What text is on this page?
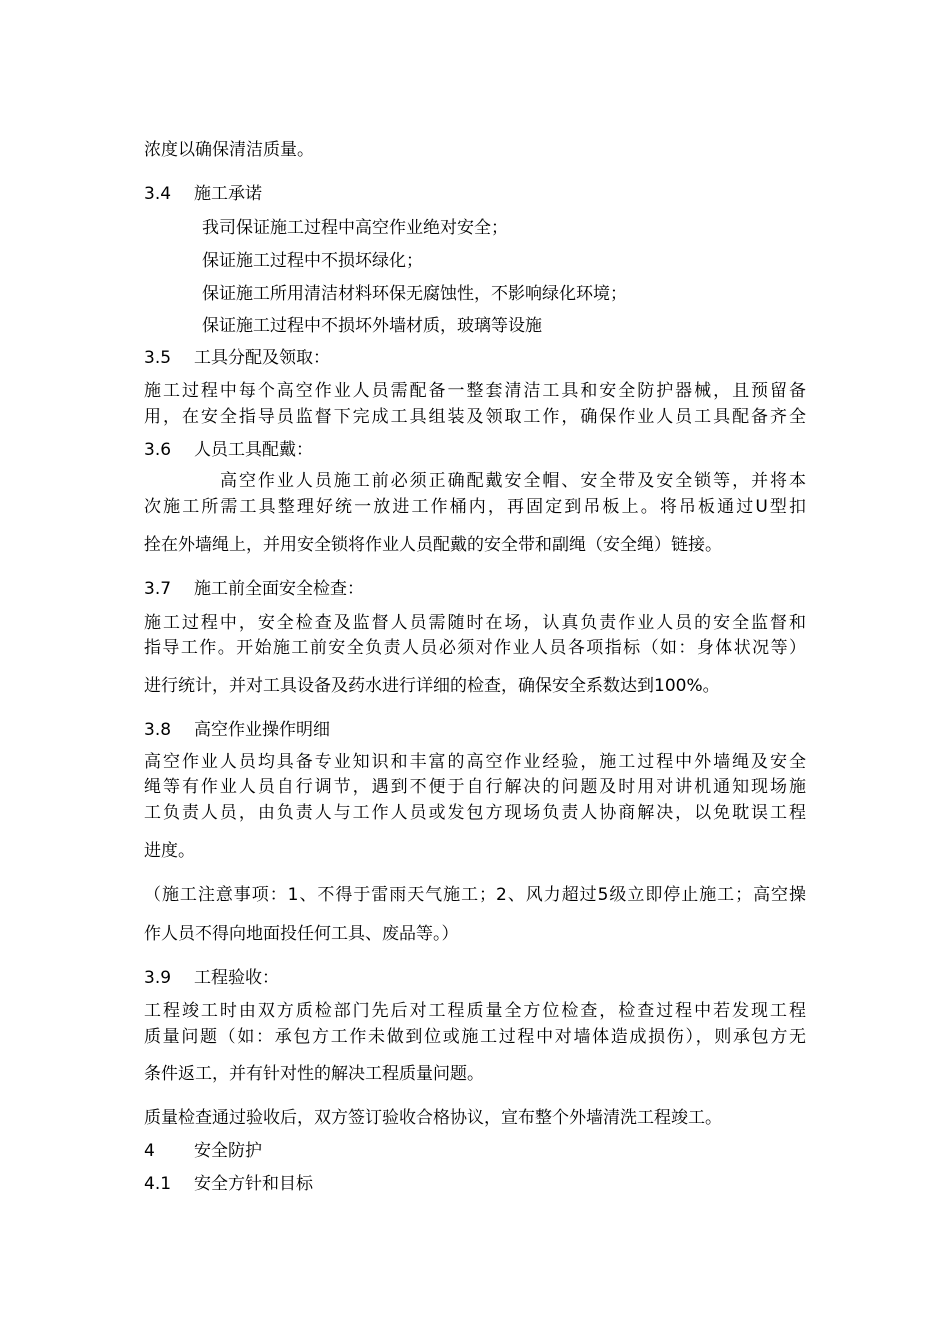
浓度以确保清洁质量。
3.4 施工承诺
我司保证施工过程中高空作业绝对安全；
保证施工过程中不损坏绿化；
保证施工所用清洁材料环保无腐蚀性，不影响绿化环境；
保证施工过程中不损坏外墙材质，玻璃等设施
3.5 工具分配及领取：
施工过程中每个高空作业人员需配备一整套清洁工具和安全防护器械，且预留备
用，在安全指导员监督下完成工具组装及领取工作，确保作业人员工具配备齐全
3.6 人员工具配戴：
高空作业人员施工前必须正确配戴安全帽、安全带及安全锁等，并将本
次施工所需工具整理好统一放进工作桶内，再固定到吊板上。将吊板通过U型扣
拴在外墙绳上，并用安全锁将作业人员配戴的安全带和副绳（安全绳）链接。
3.7 施工前全面安全检查：
施工过程中，安全检查及监督人员需随时在场，认真负责作业人员的安全监督和
指导工作。开始施工前安全负责人员必须对作业人员各项指标（如：身体状况等）
进行统计，并对工具设备及药水进行详细的检查，确保安全系数达到100%。
3.8 高空作业操作明细
高空作业人员均具备专业知识和丰富的高空作业经验，施工过程中外墙绳及安全
绳等有作业人员自行调节，遇到不便于自行解决的问题及时用对讲机通知现场施
工负责人员，由负责人与工作人员或发包方现场负责人协商解决，以免耽误工程
进度。
（施工注意事项：1、不得于雷雨天气施工；2、风力超过5级立即停止施工；高空操
作人员不得向地面投任何工具、废品等。）
3.9 工程验收：
工程竣工时由双方质检部门先后对工程质量全方位检查，检查过程中若发现工程
质量问题（如：承包方工作未做到位或施工过程中对墙体造成损伤），则承包方无
条件返工，并有针对性的解决工程质量问题。
质量检查通过验收后，双方签订验收合格协议，宣布整个外墙清洗工程竣工。
4 安全防护
4.1 安全方针和目标
